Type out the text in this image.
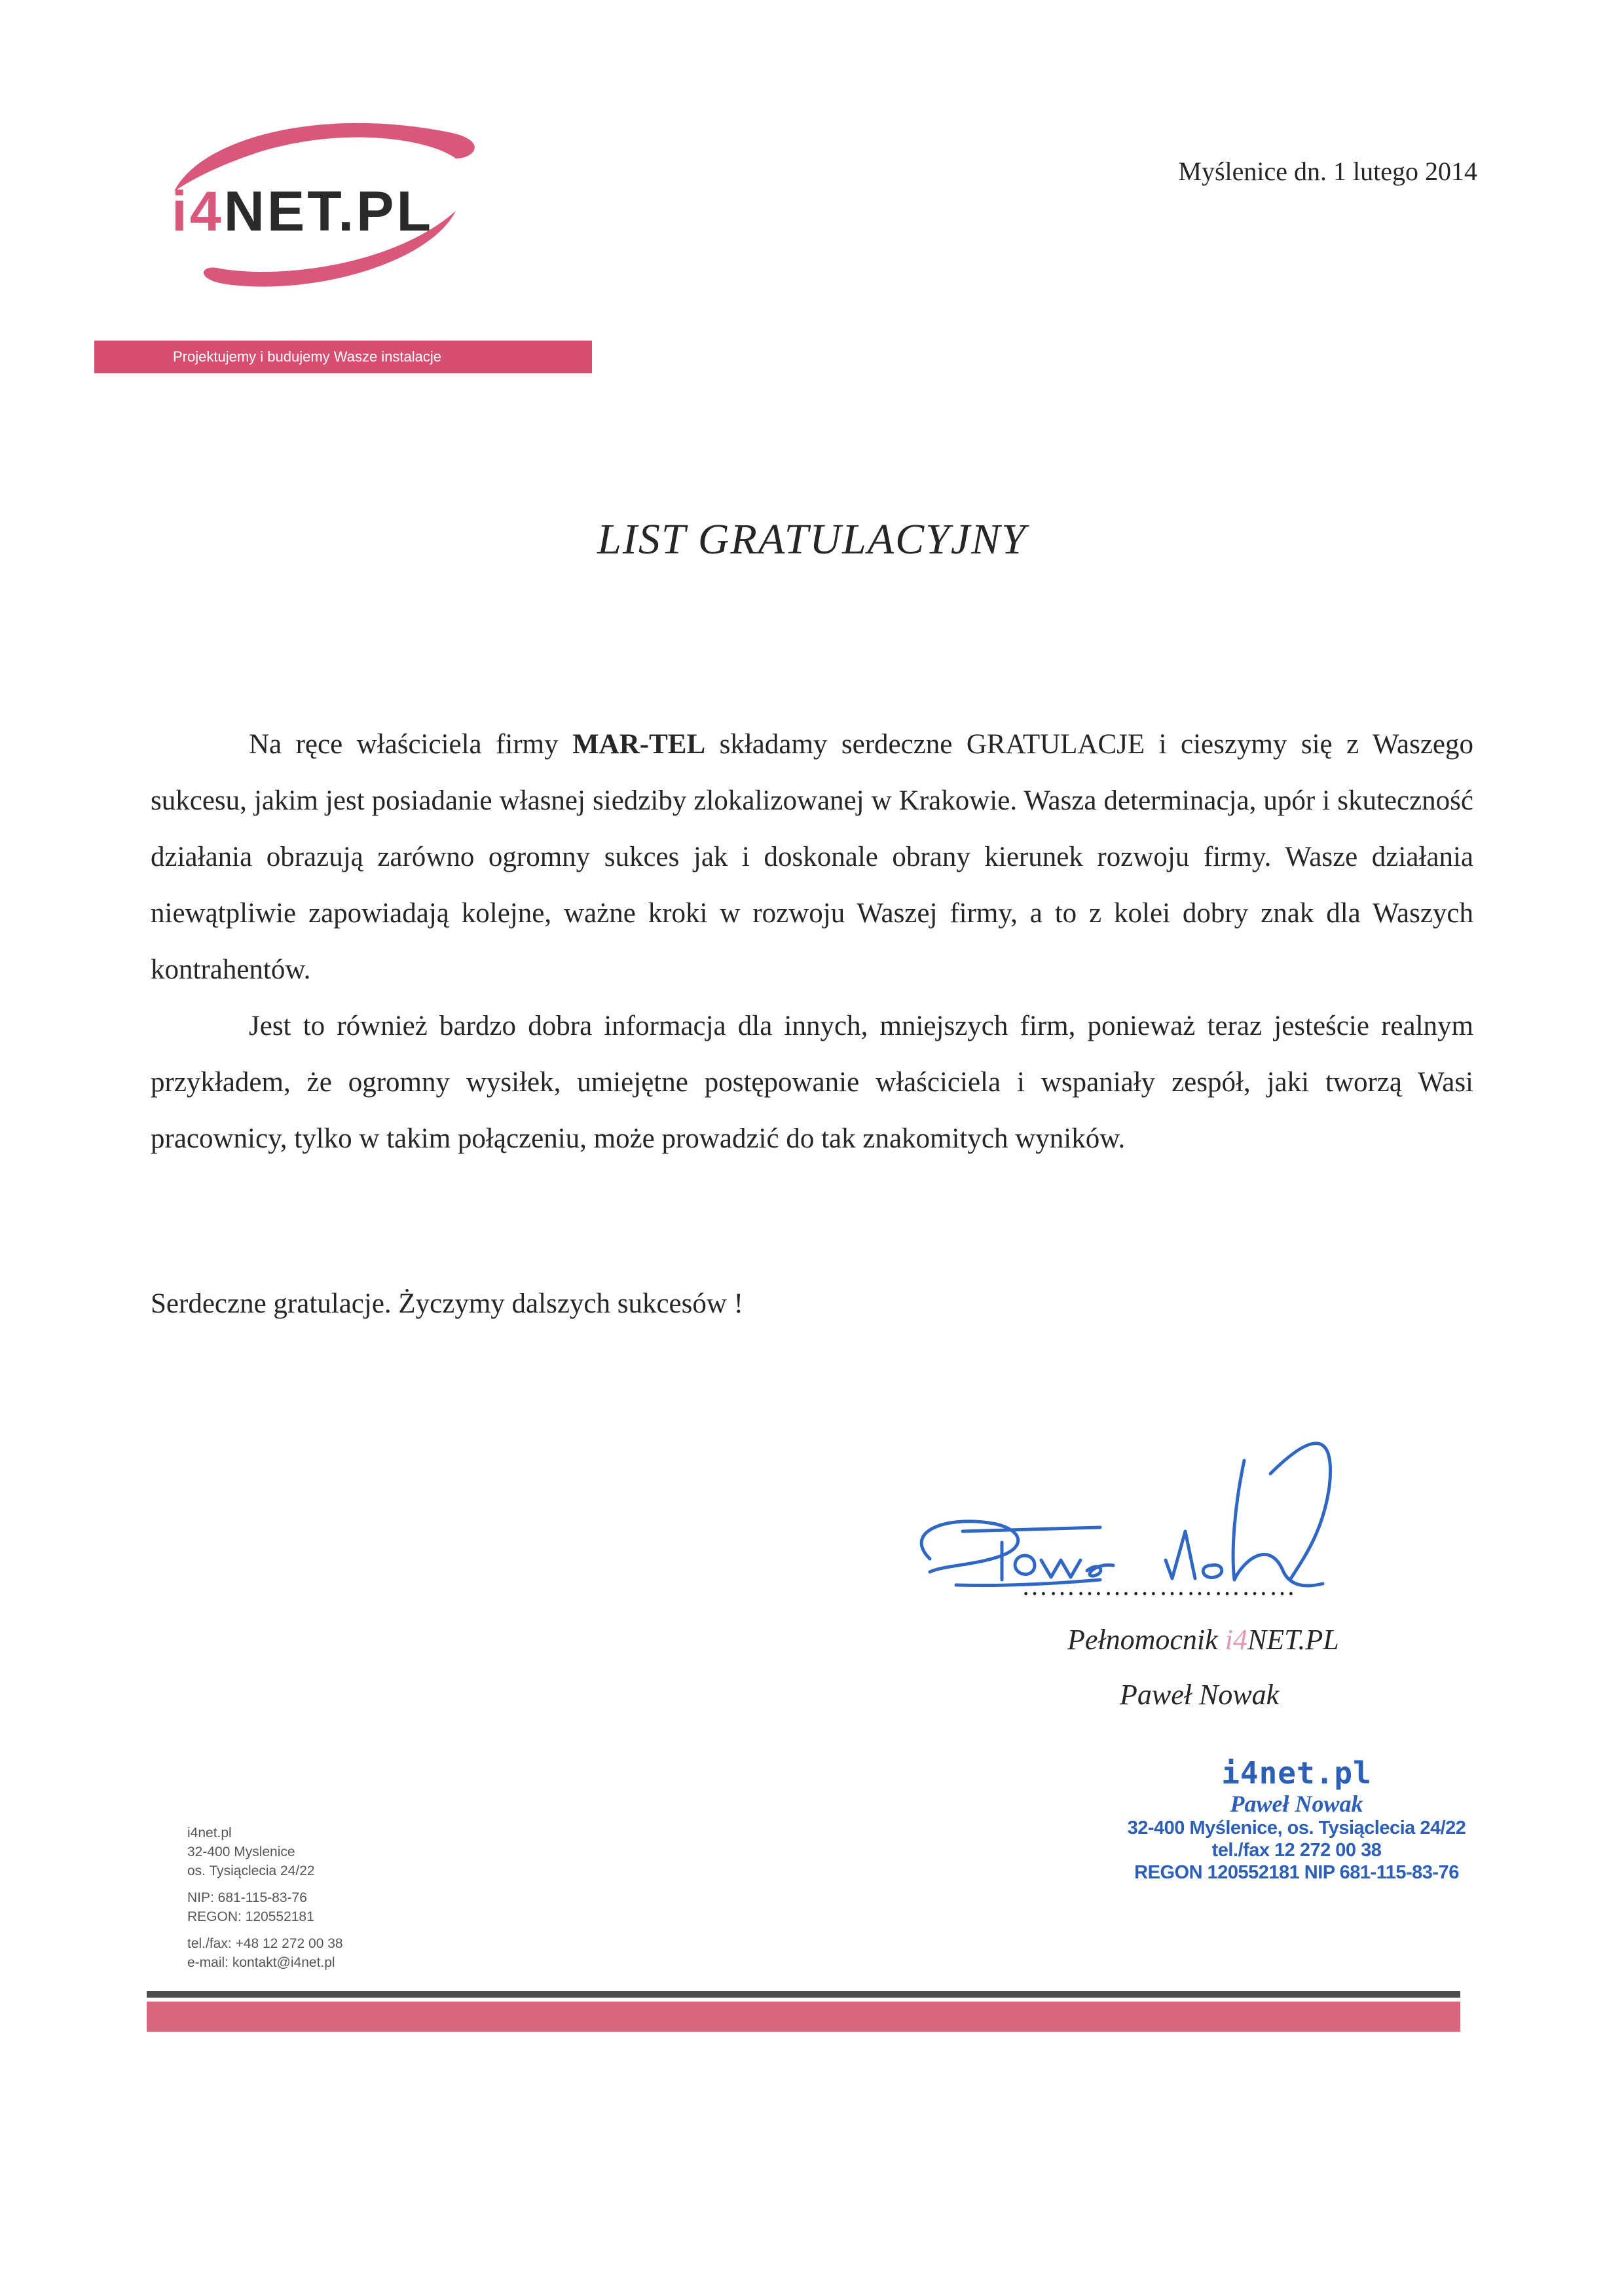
i4NET.PL
Projektujemy i budujemy Wasze instalacje
Myślenice dn. 1 lutego 2014
LIST GRATULACYJNY

Na ręce właściciela firmy MAR-TEL składamy serdeczne GRATULACJE i cieszymy się z Waszego sukcesu, jakim jest posiadanie własnej siedziby zlokalizowanej w Krakowie. Wasza determinacja, upór i skuteczność działania obrazują zarówno ogromny sukces jak i doskonale obrany kierunek rozwoju firmy. Wasze działania niewątpliwie zapowiadają kolejne, ważne kroki w rozwoju Waszej firmy, a to z kolei dobry znak dla Waszych kontrahentów.

Jest to również bardzo dobra informacja dla innych, mniejszych firm, ponieważ teraz jesteście realnym przykładem, że ogromny wysiłek, umiejętne postępowanie właściciela i wspaniały zespół, jaki tworzą Wasi pracownicy, tylko w takim połączeniu, może prowadzić do tak znakomitych wyników.

Serdeczne gratulacje. Życzymy dalszych sukcesów !
…………………………
Pełnomocnik i4NET.PL
Paweł Nowak
i4net.pl
Paweł Nowak
32-400 Myślenice, os. Tysiąclecia 24/22
tel./fax 12 272 00 38
REGON 120552181 NIP 681-115-83-76
i4net.pl
32-400 Myslenice
os. Tysiąclecia 24/22
NIP: 681-115-83-76
REGON: 120552181
tel./fax: +48 12 272 00 38
e-mail: kontakt@i4net.pl
